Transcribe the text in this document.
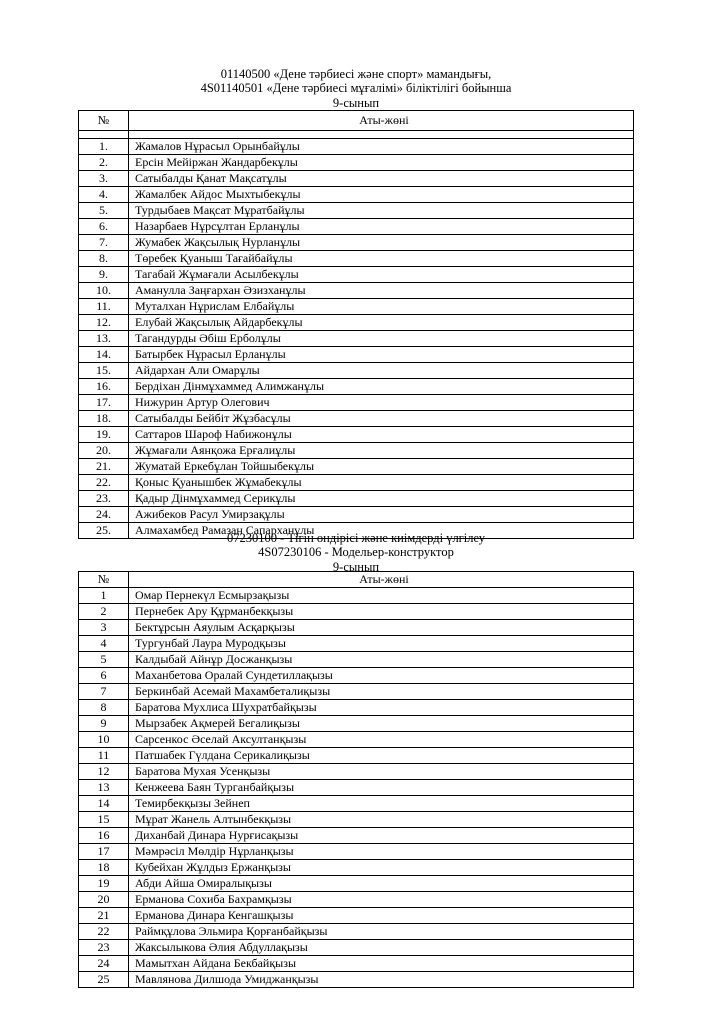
01140500 «Дене тәрбиесі және спорт» мамандығы,
4S01140501 «Дене тәрбиесі мұғалімі» біліктілігі бойынша
9-сынып
№	Аты-жөні

1.	Жамалов Нұрасыл Орынбайұлы
2.	Ерсін Мейіржан Жандарбекұлы
3.	Сатыбалды Қанат Мақсатұлы
4.	Жамалбек Айдос Мыхтыбекұлы
5.	Турдыбаев Мақсат Мұратбайұлы
6.	Назарбаев Нұрсұлтан Ерланұлы
7.	Жумабек Жақсылық Нурланұлы
8.	Төребек Қуаныш Тағайбайұлы
9.	Тагабай Жұмағали Асылбекұлы
10.	Аманулла Заңғархан Әзизханұлы
11.	Муталхан Нұрислам Елбайұлы
12.	Елубай Жақсылық Айдарбекұлы
13.	Тагандурды Әбіш Ерболұлы
14.	Батырбек Нұрасыл Ерланұлы
15.	Айдархан Али Омарұлы
16.	Бердіхан Дінмұхаммед Алимжанұлы
17.	Нижурин Артур Олегович
18.	Сатыбалды Бейбіт Жұзбасұлы
19.	Саттаров Шароф Набижонұлы
20.	Жұмағали Аянқожа Ерғалиұлы
21.	Жуматай Еркебұлан Тойшыбекұлы
22.	Қоныс Қуанышбек Жұмабекұлы
23.	Қадыр Дінмұхаммед Серикұлы
24.	Ажибеков Расул Умирзақұлы
25.	Алмахамбед Рамазан Сапарханұлы
07230100 - Тігін өндірісі және киімдерді үлгілеу
4S07230106 - Модельер-конструктор
9-сынып
№	Аты-жөні
1	Омар Пернекүл Есмырзақызы
2	Пернебек Ару Құрманбекқызы
3	Бектұрсын Аяулым Асқарқызы
4	Тургунбай Лаура Муродқызы
5	Калдыбай Айнұр Досжанқызы
6	Маханбетова Оралай Сундетиллақызы
7	Беркинбай Асемай Махамбеталиқызы
8	Баратова Мухлиса Шухратбайқызы
9	Мырзабек Ақмерей Бегалиқызы
10	Сарсенкос Әселай Аксултанқызы
11	Патшабек Гүлдана Серикалиқызы
12	Баратова Мухая Усенқызы
13	Кенжеева Баян Турганбайқызы
14	Темирбекқызы Зейнеп
15	Мұрат Жанель Алтынбекқызы
16	Диханбай Динара Нурғисақызы
17	Мәмрәсіл Мөлдір Нұрланқызы
18	Кубейхан Жұлдыз Ержанқызы
19	Абди Айша Омиралықызы
20	Ерманова Сохиба Бахрамқызы
21	Ерманова Динара Кенгашқызы
22	Раймқұлова Эльмира Қорғанбайқызы
23	Жаксылыкова Әлия Абдуллақызы
24	Мамытхан Айдана Бекбайқызы
25	Мавлянова Дилшода Умиджанқызы
